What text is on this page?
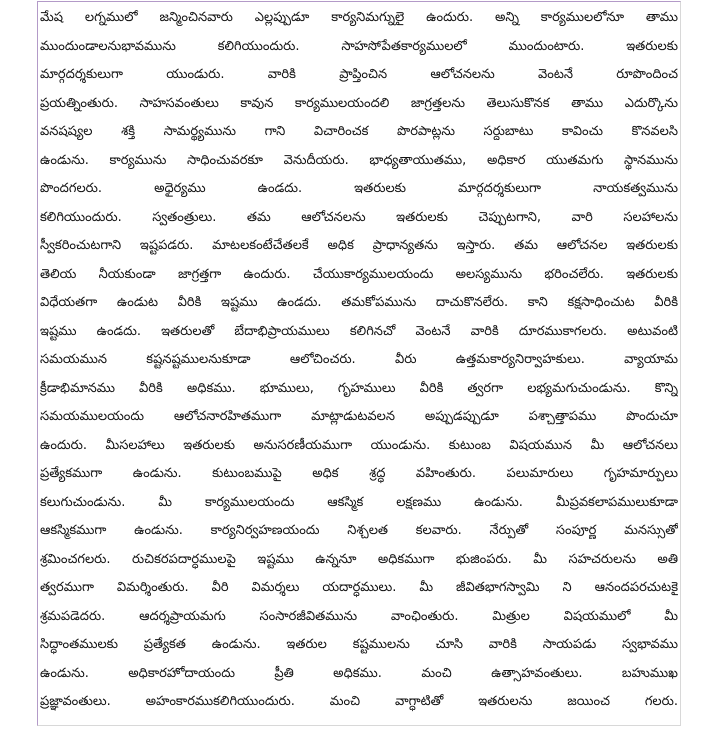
మేష లగ్నములో జన్మించినవారు ఎల్లప్పుడూ కార్యనిమగ్నులై ఉందురు. అన్ని కార్యములలోనూ తాము
ముందుండాలనుభావమును కలిగియుందురు. సాహసోపేతకార్యములలో ముందుంటారు. ఇతరులకు
మార్గదర్శకులుగా యుండురు. వారికి ప్రాప్తించిన ఆలోచనలను వెంటనే రూపొందించ
ప్రయత్నింతురు. సాహసవంతులు కావున కార్యములయందలి జాగ్రత్తలను తెలుసుకొనక తాము ఎదుర్కొను
వనషష్యల శక్తి సామర్థ్యమును గాని విచారించక పొరపాట్లను సర్దుబాటు కావించు కొనవలసి
ఉండును. కార్యమును సాధించువరకూ వెనుదీయరు. భాధ్యతాయుతము, అధికార యుతమగు స్థానమును
పొందగలరు. అధైర్యము ఉండదు. ఇతరులకు మార్గదర్శకులుగా నాయకత్వమును
కలిగియుందురు. స్వతంత్రులు. తమ ఆలోచనలను ఇతరులకు చెప్పుటగాని, వారి సలహాలను
స్వీకరించుటగాని ఇష్టపడరు. మాటలకంటేచేతలకే అధిక ప్రాధాన్యతను ఇస్తారు. తమ ఆలోచనల ఇతరులకు
తెలియ నీయకుండా జాగ్రత్తగా ఉందురు. చేయుకార్యములయందు అలస్యమును భరించలేరు. ఇతరులకు
విధేయతగా ఉండుట వీరికి ఇష్టము ఉండదు. తమకోపమును దాచుకొనలేరు. కాని కక్షసాధించుట వీరికి
ఇష్టము ఉండదు. ఇతరులతో బేదాభిప్రాయములు కలిగినచో వెంటనే వారికి దూరముకాగలరు. అటువంటి
సమయమున కష్టనష్టములనుకూడా ఆలోచించరు. వీరు ఉత్తమకార్యనిర్వాహకులు. వ్యాయామ
క్రీడాభిమానము వీరికి అధికము. భూములు, గృహములు వీరికి త్వరగా లభ్యమగుచుండును. కొన్ని
సమయములయందు ఆలోచనారహితముగా మాట్లాడుటవలన అప్పుడప్పుడూ పశ్చాత్తాపము పొందుచూ
ఉందురు. మీసలహాలు ఇతరులకు అనుసరణీయముగా యుండును. కుటుంబ విషయమున మీ ఆలోచనలు
ప్రత్యేకముగా ఉండును. కుటుంబముపై అధిక శ్రద్ధ వహింతురు. పలుమారులు గృహమార్పులు
కలుగుచుండును. మీ కార్యములయందు ఆకస్మిక లక్షణము ఉండును. మీప్రవకలాపములుకూడా
ఆకస్మికముగా ఉండును. కార్యనిర్వహణయందు నిశ్చలత కలవారు. నేర్పుతో సంపూర్ణ మనస్సుతో
శ్రమించగలరు. రుచికరపదార్ధములపై ఇష్టము ఉన్ననూ అధికముగా భుజింపరు. మీ సహచరులను అతి
త్వరముగా విమర్శింతురు. వీరి విమర్శలు యదార్ధములు. మీ జీవితభాగస్వామి ని ఆనందపరచుటకై
శ్రమపడెదరు. ఆదర్శప్రాయమగు సంసారజీవితమును వాంఛింతురు. మిత్రుల విషయములో మీ
సిద్ధాంతములకు ప్రత్యేకత ఉండును. ఇతరుల కష్టములను చూసి వారికి సాయపడు స్వభావము
ఉండును. అధికారహోదాయందు ప్రీతి అధికము. మంచి ఉత్సాహవంతులు. బహుముఖ
ప్రజ్ఞావంతులు. అహంకారముకలిగియుందురు. మంచి వాగ్ధాటితో ఇతరులను జయించ గలరు.
